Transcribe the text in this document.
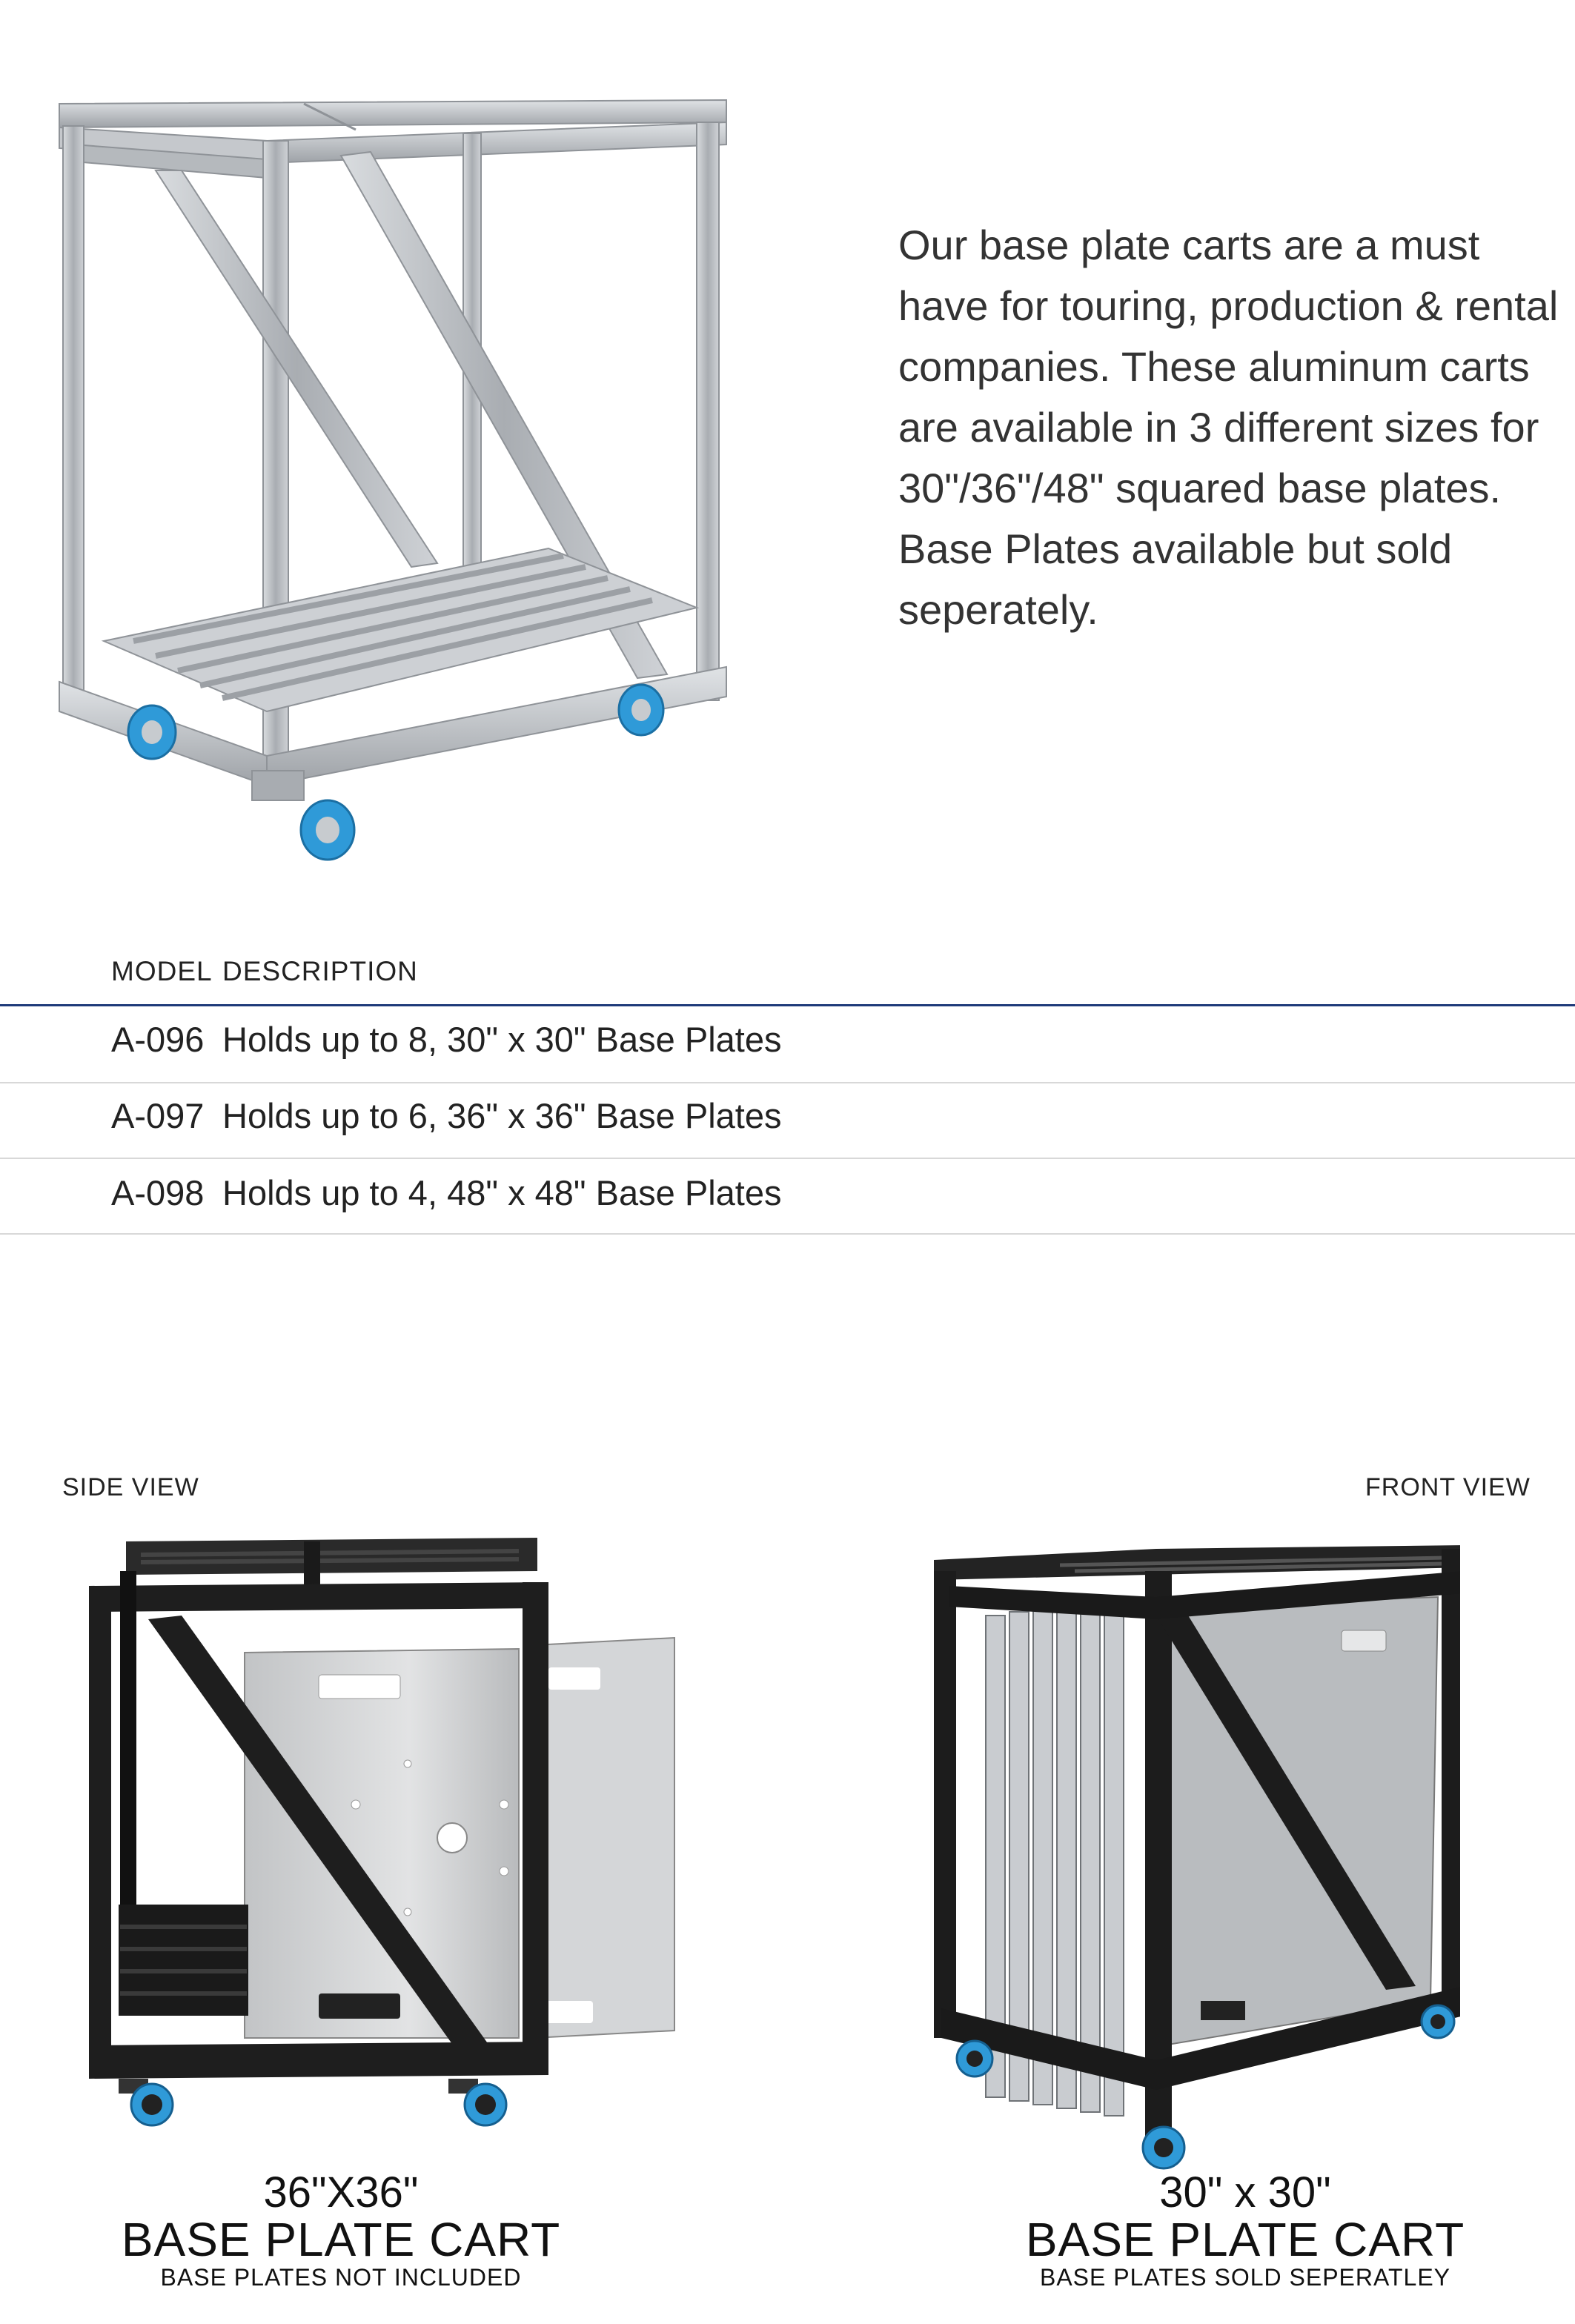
Our base plate carts are a must have for touring, production & rental companies. These aluminum carts are available in 3 different sizes for 30"/36"/48" squared base plates. Base Plates available but sold seperately.
MODEL DESCRIPTION
A-096 Holds up to 8, 30" x 30" Base Plates
A-097 Holds up to 6, 36" x 36" Base Plates
A-098 Holds up to 4, 48" x 48" Base Plates
SIDE VIEW	FRONT VIEW
36"X36"
BASE PLATE CART
BASE PLATES NOT INCLUDED
30" x 30"
BASE PLATE CART
BASE PLATES SOLD SEPERATLEY
